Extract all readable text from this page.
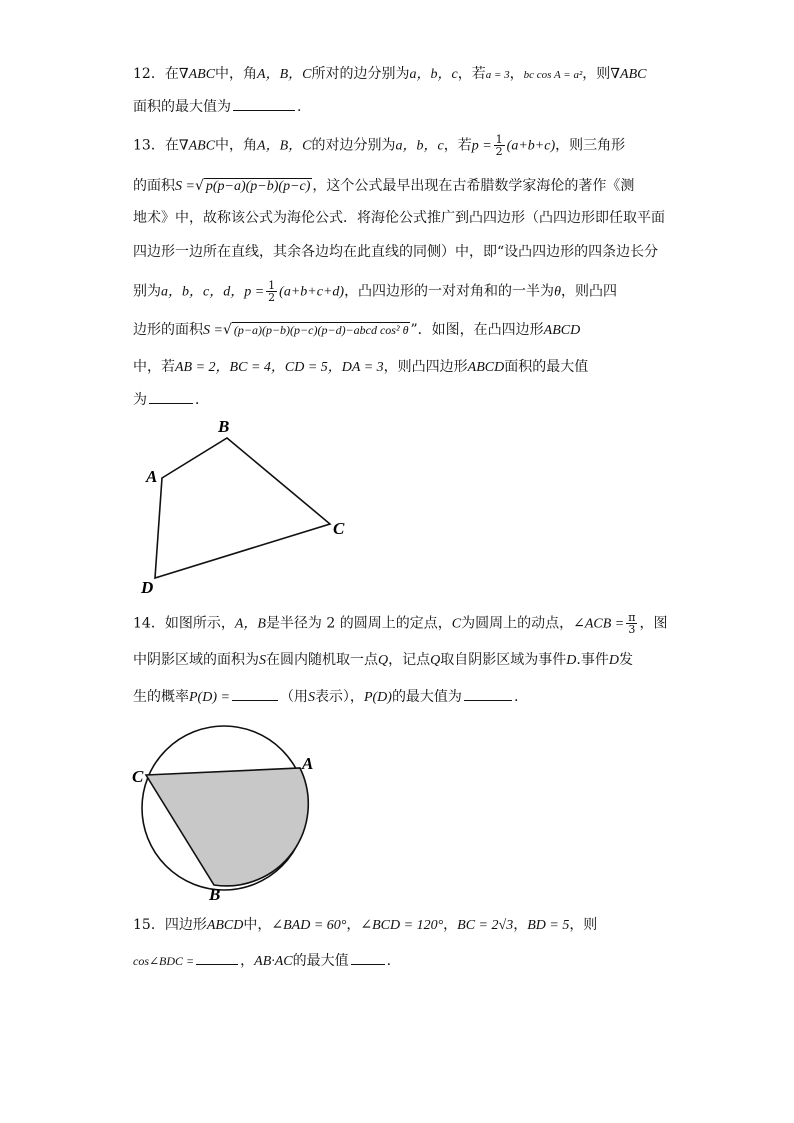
12．在∇ABC中，角A，B，C所对的边分别为a，b，c，若a = 3，bc cos A = a²，则∇ABC
面积的最大值为	.
13．在∇ABC中，角A，B，C的对边分别为a，b，c，若$p = \frac{1}{2} (a+b+c)$，则三角形
的面积S =√ p(p−a)(p−b)(p−c) ，这个公式最早出现在古希腊数学家海伦的著作《测
地术》中，故称该公式为海伦公式．将海伦公式推广到凸四边形（凸四边形即任取平面
四边形一边所在直线，其余各边均在此直线的同侧）中，即“设凸四边形的四条边长分
别为a，b，c，d，$p = \frac{1}{2} (a+b+c+d)$，凸四边形的一对对角和的一半为θ，则凸四
边形的面积S =√ (p−a)(p−b)(p−c)(p−d)−abcd cos² θ ”．如图，在凸四边形ABCD
中，若AB = 2，BC = 4，CD = 5，DA = 3，则凸四边形ABCD面积的最大值
为	．
A
B
C
D
14．如图所示，A，B是半径为 2 的圆周上的定点，C为圆周上的动点，∠ACB = $\frac{\pi}{3}$ ，图
中阴影区域的面积为S在圆内随机取一点Q，记点Q取自阴影区域为事件D.事件D发
生的概率P(D) =	（用S表示），P(D)的最大值为	.
C
A
B
15．四边形ABCD中，∠BAD = 60°，∠BCD = 120°，BC = 2√3，BD = 5，则
cos∠BDC =	，AB·AC的最大值	.
